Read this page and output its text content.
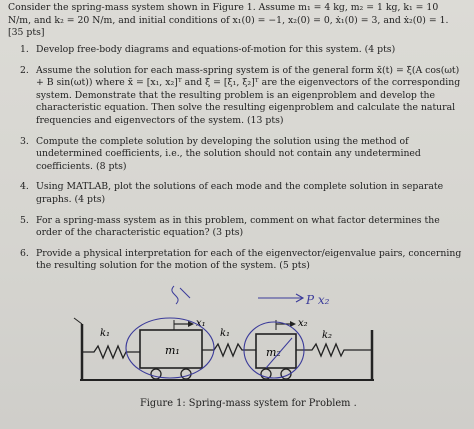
Consider the spring-mass system shown in Figure 1. Assume m₁ = 4 kg, m₂ = 1 kg, k₁ = 10 N/m, and k₂ = 20 N/m, and initial conditions of x₁(0) = −1, x₂(0) = 0, ẋ₁(0) = 3, and ẋ₂(0) = 1. [35 pts]

1. Develop free-body diagrams and equations-of-motion for this system. (4 pts)
2. Assume the solution for each mass-spring system is of the general form x̄(t) = ξ̄(A cos(ωt) + B sin(ωt)) where x̄ = [x₁, x₂]ᵀ and ξ̄ = [ξ₁, ξ₂]ᵀ are the eigenvectors of the corresponding system. Demonstrate that the resulting problem is an eigenproblem and develop the characteristic equation. Then solve the resulting eigenproblem and calculate the natural frequencies and eigenvectors of the system. (13 pts)
3. Compute the complete solution by developing the solution using the method of undetermined coefficients, i.e., the solution should not contain any undetermined coefficients. (8 pts)
4. Using MATLAB, plot the solutions of each mode and the complete solution in separate graphs. (4 pts)
5. For a spring-mass system as in this problem, comment on what factor determines the order of the characteristic equation? (3 pts)
6. Provide a physical interpretation for each of the eigenvector/eigenvalue pairs, concerning the resulting solution for the motion of the system. (5 pts)
k₁
m₁
x₁
k₁
m₂
x₂
k₂
P x₂
Figure 1: Spring-mass system for Problem .
